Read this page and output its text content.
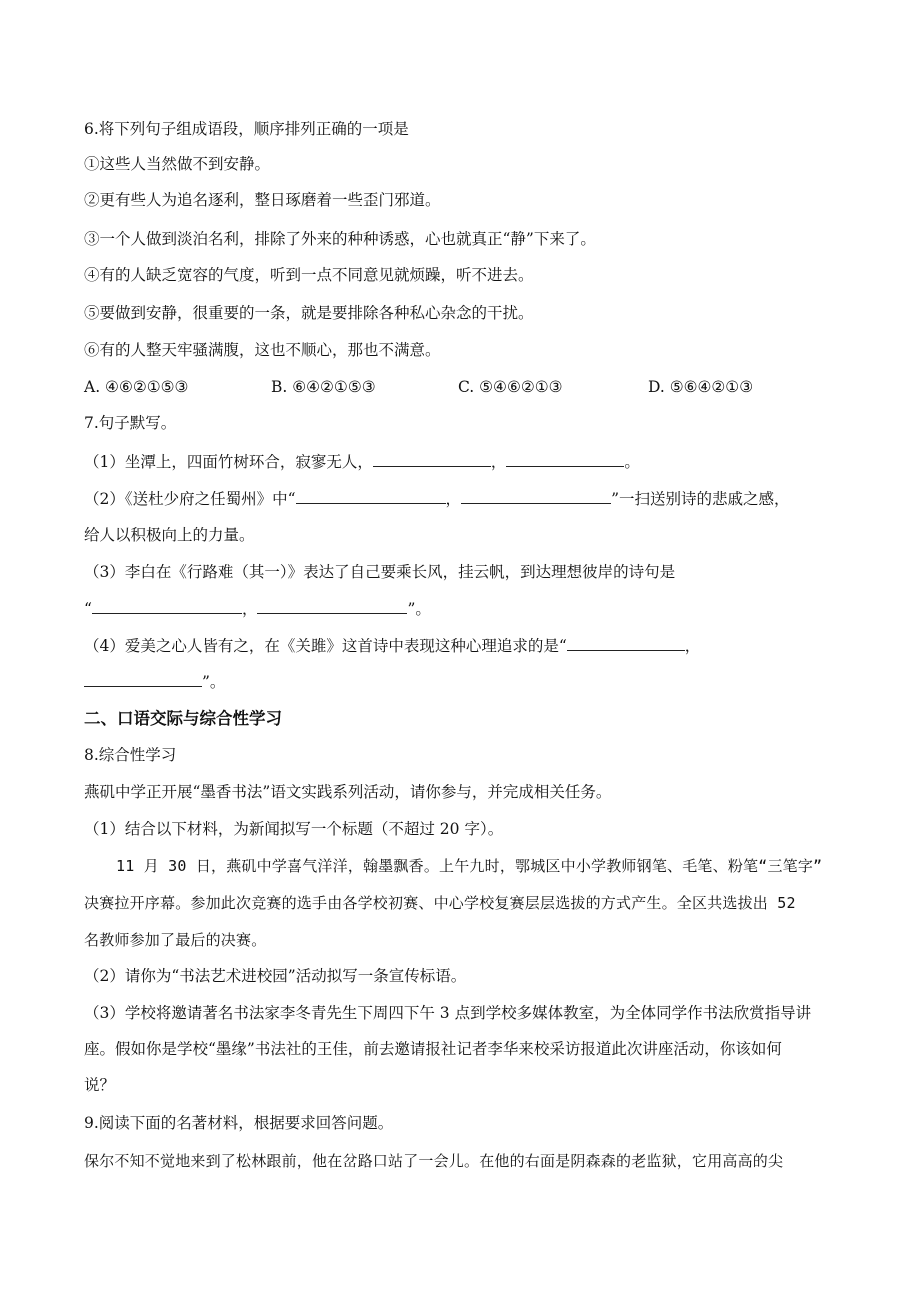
6.将下列句子组成语段，顺序排列正确的一项是
①这些人当然做不到安静。
②更有些人为追名逐利，整日琢磨着一些歪门邪道。
③一个人做到淡泊名利，排除了外来的种种诱惑，心也就真正“静”下来了。
④有的人缺乏宽容的气度，听到一点不同意见就烦躁，听不进去。
⑤要做到安静，很重要的一条，就是要排除各种私心杂念的干扰。
⑥有的人整天牢骚满腹，这也不顺心，那也不满意。
A. ④⑥②①⑤③	B. ⑥④②①⑤③	C. ⑤④⑥②①③	D. ⑤⑥④②①③
7.句子默写。
（1）坐潭上，四面竹树环合，寂寥无人，	，	。
（2）《送杜少府之任蜀州》中“	，	”一扫送别诗的悲戚之感，
给人以积极向上的力量。
（3）李白在《行路难（其一）》表达了自己要乘长风，挂云帆，到达理想彼岸的诗句是
“	，	”。
（4）爱美之心人皆有之，在《关雎》这首诗中表现这种心理追求的是“	，
”。
二、口语交际与综合性学习
8.综合性学习
燕矶中学正开展“墨香书法”语文实践系列活动，请你参与，并完成相关任务。
（1）结合以下材料，为新闻拟写一个标题（不超过 20 字）。
11 月 30 日，燕矶中学喜气洋洋，翰墨飘香。上午九时，鄂城区中小学教师钢笔、毛笔、粉笔“三笔字”
决赛拉开序幕。参加此次竞赛的选手由各学校初赛、中心学校复赛层层选拔的方式产生。全区共选拔出 52
名教师参加了最后的决赛。
（2）请你为“书法艺术进校园”活动拟写一条宣传标语。
（3）学校将邀请著名书法家李冬青先生下周四下午 3 点到学校多媒体教室，为全体同学作书法欣赏指导讲
座。假如你是学校“墨缘”书法社的王佳，前去邀请报社记者李华来校采访报道此次讲座活动，你该如何
说？
9.阅读下面的名著材料，根据要求回答问题。
保尔不知不觉地来到了松林跟前，他在岔路口站了一会儿。在他的右面是阴森森的老监狱，它用高高的尖
